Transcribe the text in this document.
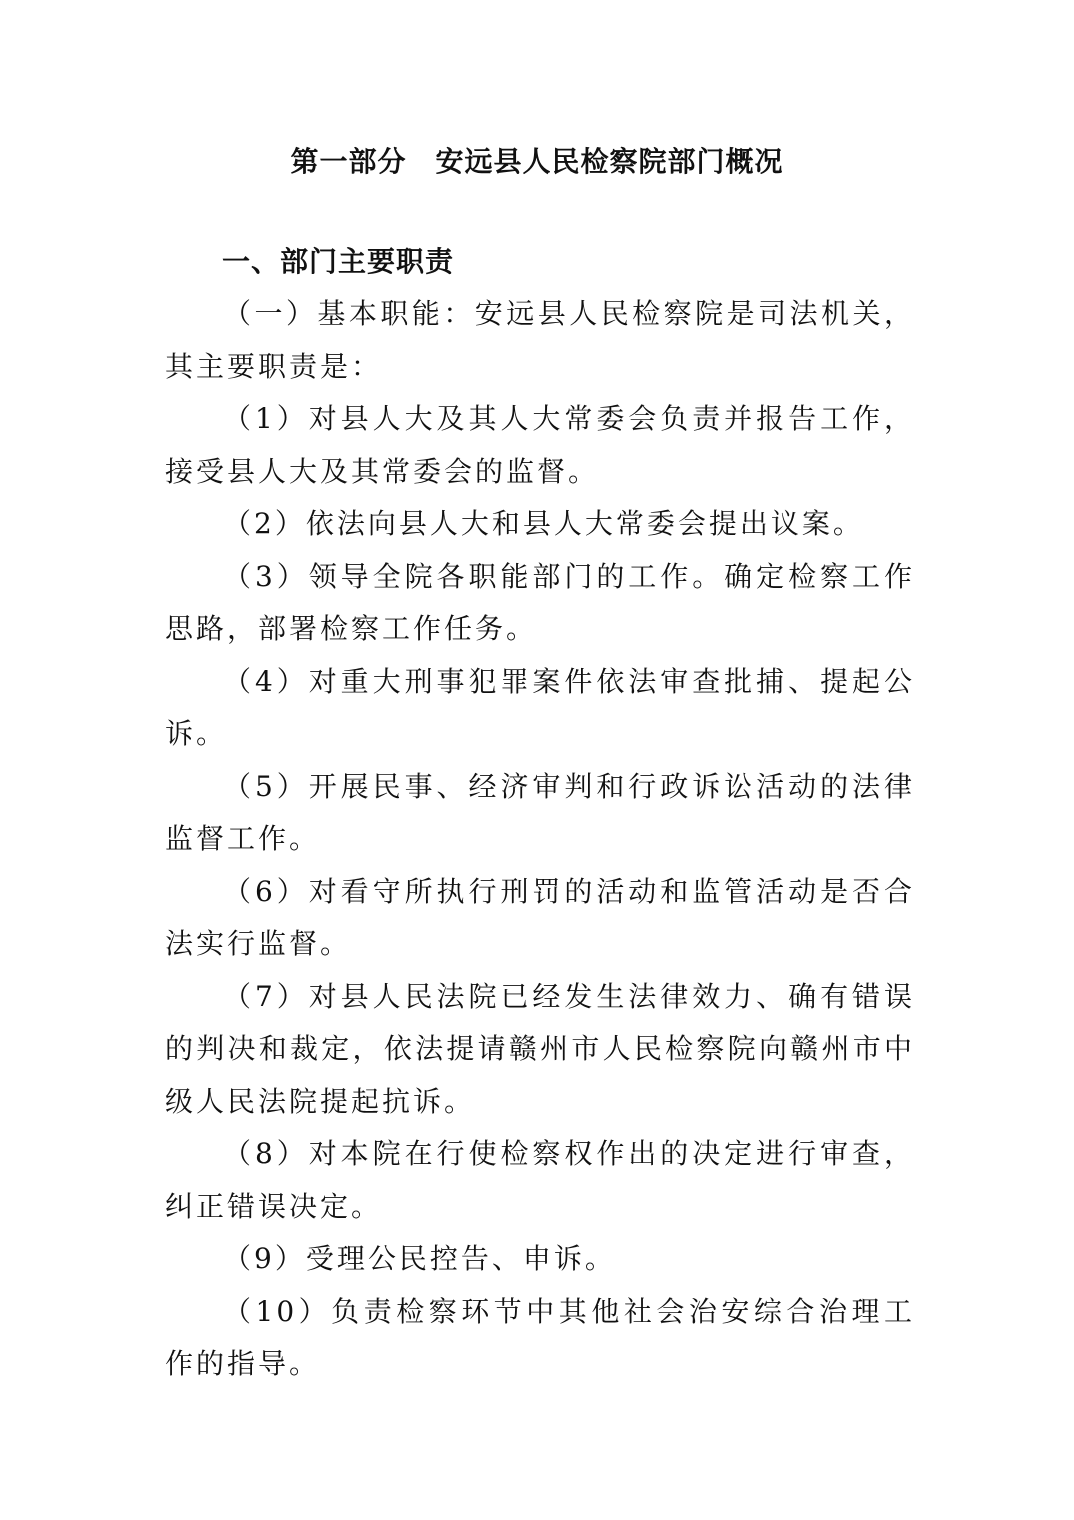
第一部分　安远县人民检察院部门概况
一、部门主要职责

（一）基本职能：安远县人民检察院是司法机关，其主要职责是：

（1）对县人大及其人大常委会负责并报告工作，接受县人大及其常委会的监督。

（2）依法向县人大和县人大常委会提出议案。

（3）领导全院各职能部门的工作。确定检察工作思路，部署检察工作任务。

（4）对重大刑事犯罪案件依法审查批捕、提起公诉。

（5）开展民事、经济审判和行政诉讼活动的法律监督工作。

（6）对看守所执行刑罚的活动和监管活动是否合法实行监督。

（7）对县人民法院已经发生法律效力、确有错误的判决和裁定，依法提请赣州市人民检察院向赣州市中级人民法院提起抗诉。

（8）对本院在行使检察权作出的决定进行审查，纠正错误决定。

（9）受理公民控告、申诉。

（10）负责检察环节中其他社会治安综合治理工作的指导。
